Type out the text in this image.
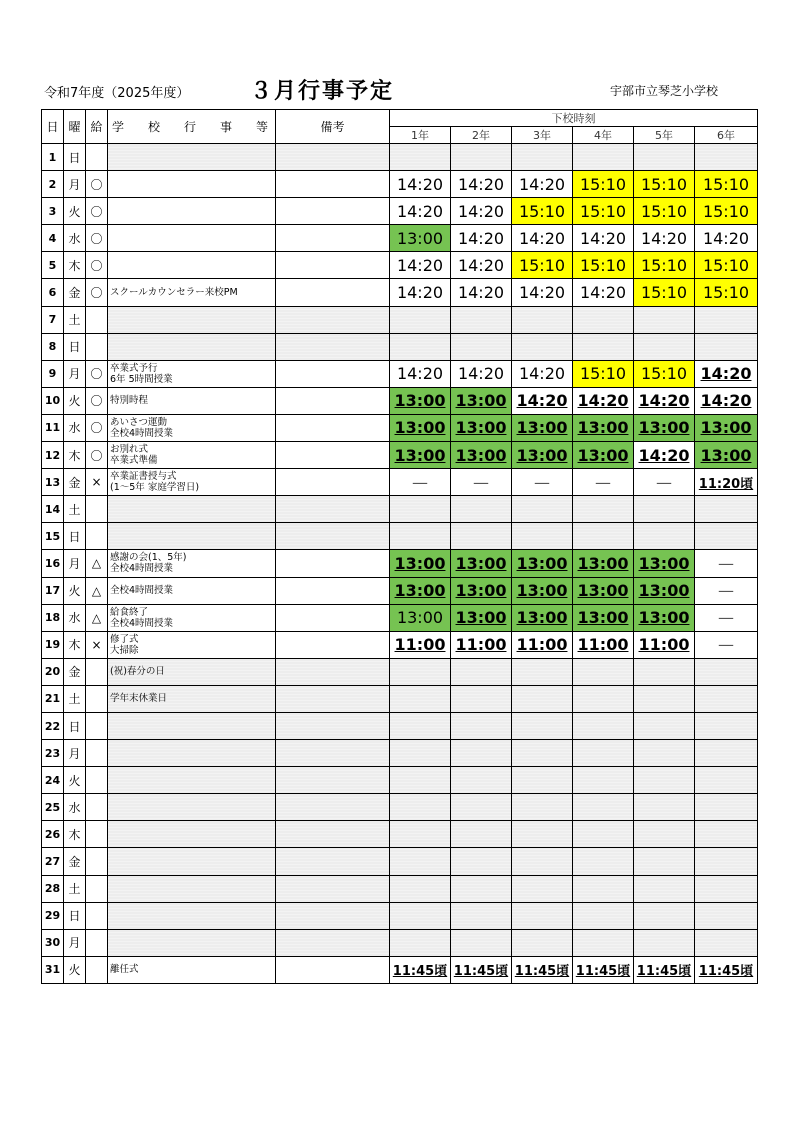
令和7年度（2025年度）	３月行事予定	宇部市立琴芝小学校
日	曜	給	学　　校　　行　　事　　等	備考	下校時刻					
					1年	2年	3年	4年	5年	6年
1	日		

2	月	〇			14:20	14:20	14:20	15:10	15:10	15:10
3	火	〇			14:20	14:20	15:10	15:10	15:10	15:10
4	水	〇			13:00	14:20	14:20	14:20	14:20	14:20
5	木	〇			14:20	14:20	15:10	15:10	15:10	15:10
6	金	〇	スクールカウンセラー来校PM		14:20	14:20	14:20	14:20	15:10	15:10
7	土		

8	日		

9	月	〇	卒業式予行
6年 5時間授業		14:20	14:20	14:20	15:10	15:10	14:20
10	火	〇	特別時程		13:00	13:00	14:20	14:20	14:20	14:20
11	水	〇	あいさつ運動
全校4時間授業		13:00	13:00	13:00	13:00	13:00	13:00
12	木	〇	お別れ式
卒業式準備		13:00	13:00	13:00	13:00	14:20	13:00
13	金	×	卒業証書授与式
(1～5年 家庭学習日)		—	—	—	—	—	11:20頃
14	土		

15	日		

16	月	△	感謝の会(1、5年)
全校4時間授業		13:00	13:00	13:00	13:00	13:00	—
17	火	△	全校4時間授業		13:00	13:00	13:00	13:00	13:00	—
18	水	△	給食終了
全校4時間授業		13:00	13:00	13:00	13:00	13:00	—
19	木	×	修了式
大掃除		11:00	11:00	11:00	11:00	11:00	—
20	金		(祝)春分の日							

21	土		学年末休業日							

22	日		

23	月		

24	火		

25	水		

26	木		

27	金		

28	土		

29	日		

30	月		

31	火		離任式		11:45頃	11:45頃	11:45頃	11:45頃	11:45頃	11:45頃
